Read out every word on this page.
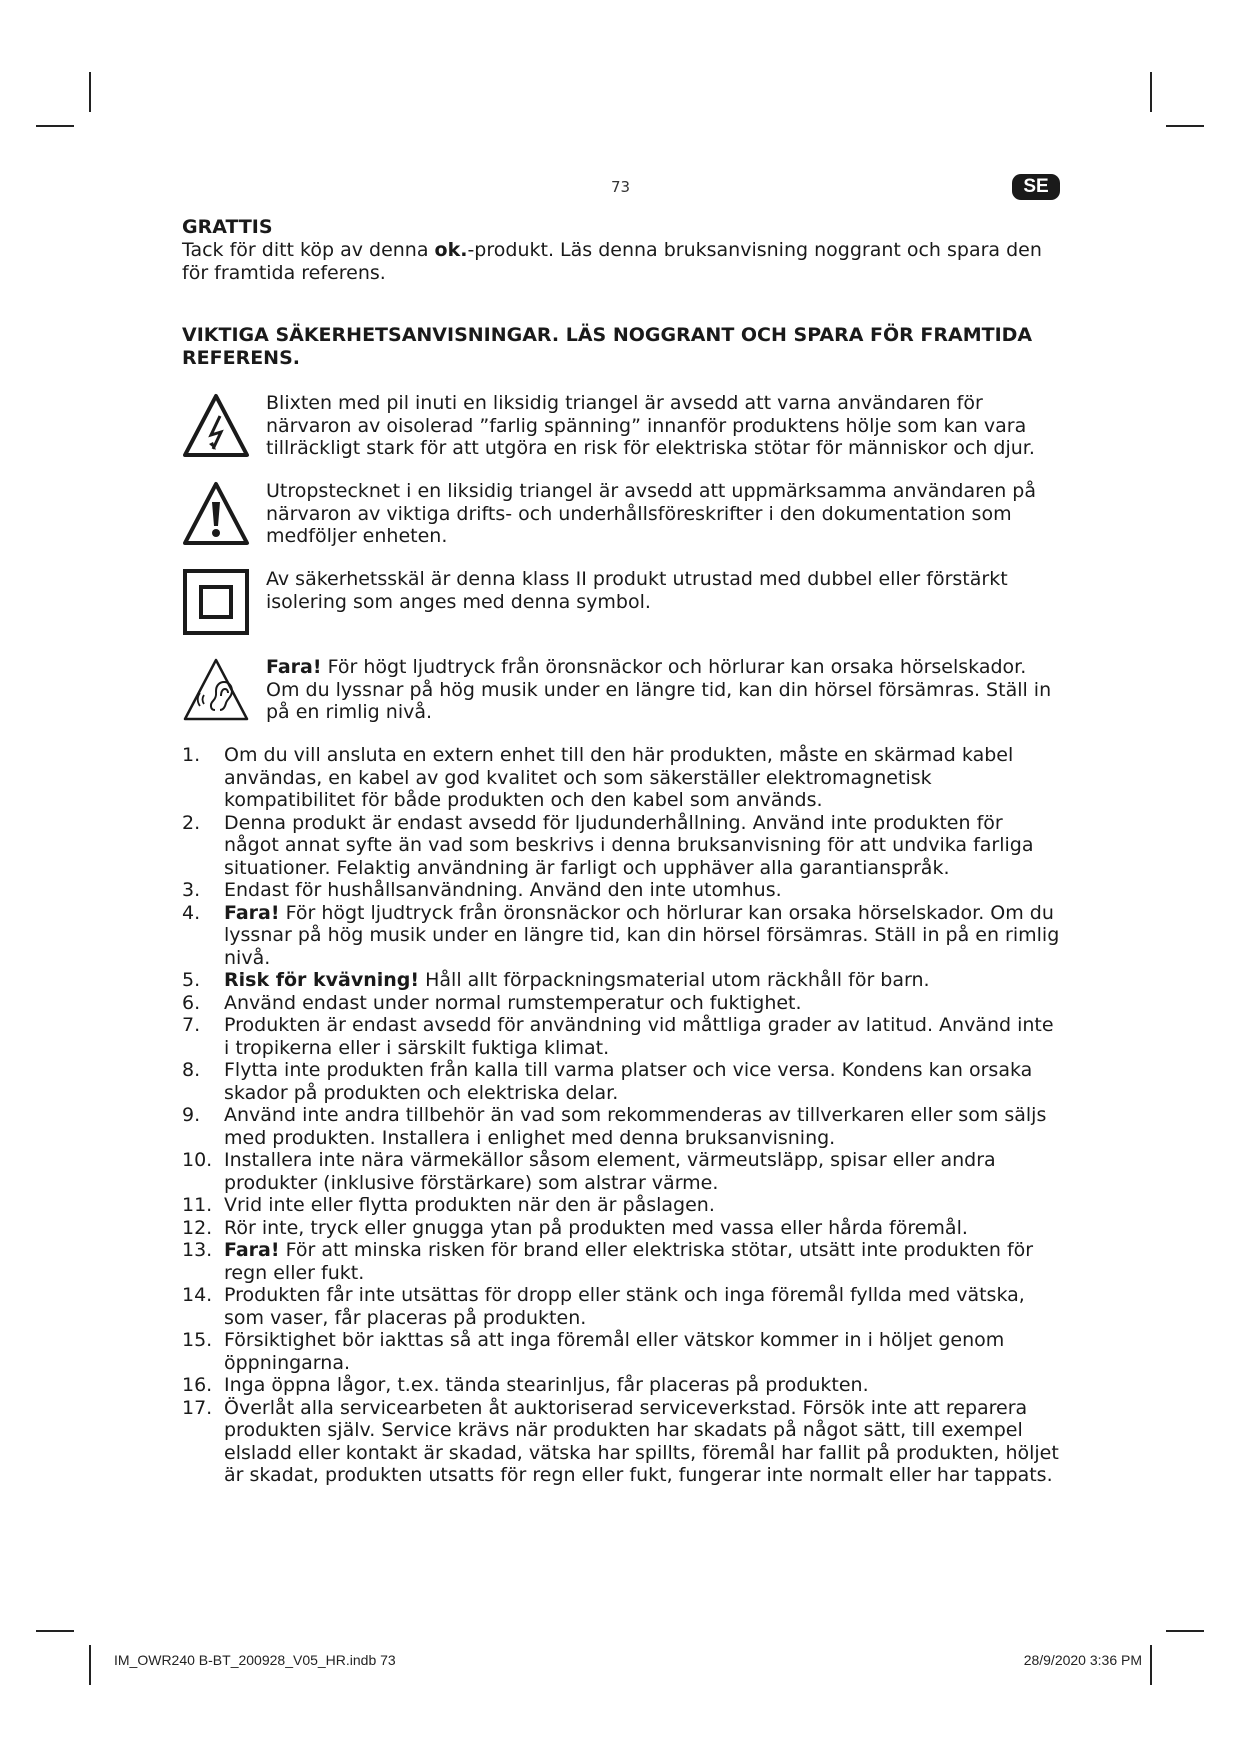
73	SE

GRATTIS

Tack för ditt köp av denna ok.-produkt. Läs denna bruksanvisning noggrant och spara den för framtida referens.

VIKTIGA SÄKERHETSANVISNINGAR. LÄS NOGGRANT OCH SPARA FÖR FRAMTIDA REFERENS.

Blixten med pil inuti en liksidig triangel är avsedd att varna användaren för närvaron av oisolerad ”farlig spänning” innanför produktens hölje som kan vara tillräckligt stark för att utgöra en risk för elektriska stötar för människor och djur.
Utropstecknet i en liksidig triangel är avsedd att uppmärksamma användaren på närvaron av viktiga drifts- och underhållsföreskrifter i den dokumentation som medföljer enheten.
Av säkerhetsskäl är denna klass II produkt utrustad med dubbel eller förstärkt isolering som anges med denna symbol.
Fara! För högt ljudtryck från öronsnäckor och hörlurar kan orsaka hörselskador. Om du lyssnar på hög musik under en längre tid, kan din hörsel försämras. Ställ in på en rimlig nivå.
1. Om du vill ansluta en extern enhet till den här produkten, måste en skärmad kabel användas, en kabel av god kvalitet och som säkerställer elektromagnetisk kompatibilitet för både produkten och den kabel som används.
2. Denna produkt är endast avsedd för ljudunderhållning. Använd inte produkten för något annat syfte än vad som beskrivs i denna bruksanvisning för att undvika farliga situationer. Felaktig användning är farligt och upphäver alla garantianspråk.
3. Endast för hushållsanvändning. Använd den inte utomhus.
4. Fara! För högt ljudtryck från öronsnäckor och hörlurar kan orsaka hörselskador. Om du lyssnar på hög musik under en längre tid, kan din hörsel försämras. Ställ in på en rimlig nivå.
5. Risk för kvävning! Håll allt förpackningsmaterial utom räckhåll för barn.
6. Använd endast under normal rumstemperatur och fuktighet.
7. Produkten är endast avsedd för användning vid måttliga grader av latitud. Använd inte i tropikerna eller i särskilt fuktiga klimat.
8. Flytta inte produkten från kalla till varma platser och vice versa. Kondens kan orsaka skador på produkten och elektriska delar.
9. Använd inte andra tillbehör än vad som rekommenderas av tillverkaren eller som säljs med produkten. Installera i enlighet med denna bruksanvisning.
10. Installera inte nära värmekällor såsom element, värmeutsläpp, spisar eller andra produkter (inklusive förstärkare) som alstrar värme.
11. Vrid inte eller flytta produkten när den är påslagen.
12. Rör inte, tryck eller gnugga ytan på produkten med vassa eller hårda föremål.
13. Fara! För att minska risken för brand eller elektriska stötar, utsätt inte produkten för regn eller fukt.
14. Produkten får inte utsättas för dropp eller stänk och inga föremål fyllda med vätska, som vaser, får placeras på produkten.
15. Försiktighet bör iakttas så att inga föremål eller vätskor kommer in i höljet genom öppningarna.
16. Inga öppna lågor, t.ex. tända stearinljus, får placeras på produkten.
17. Överlåt alla servicearbeten åt auktoriserad serviceverkstad. Försök inte att reparera produkten själv. Service krävs när produkten har skadats på något sätt, till exempel elsladd eller kontakt är skadad, vätska har spillts, föremål har fallit på produkten, höljet är skadat, produkten utsatts för regn eller fukt, fungerar inte normalt eller har tappats.
IM_OWR240 B-BT_200928_V05_HR.indb 73	28/9/2020 3:36 PM
